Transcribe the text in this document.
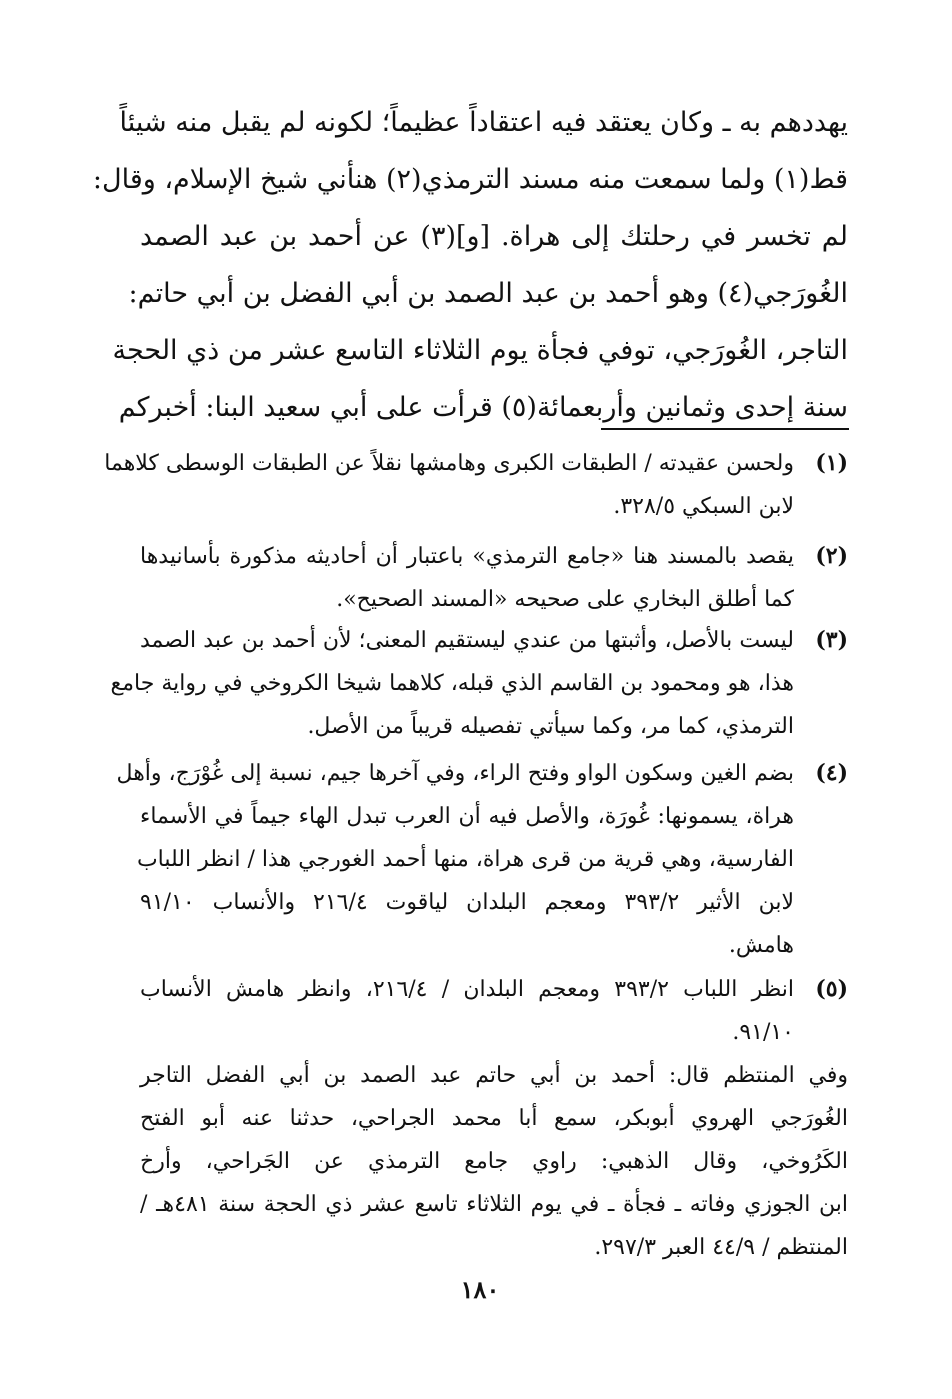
يهددهم به ـ وكان يعتقد فيه اعتقاداً عظيماً؛ لكونه لم يقبل منه شيئاً
قط(١) ولما سمعت منه مسند الترمذي(٢) هنأني شيخ الإسلام، وقال:
لم تخسر في رحلتك إلى هراة. [و](٣) عن أحمد بن عبد الصمد
الغُورَجي(٤) وهو أحمد بن عبد الصمد بن أبي الفضل بن أبي حاتم:
التاجر، الغُورَجي، توفي فجأة يوم الثلاثاء التاسع عشر من ذي الحجة
سنة إحدى وثمانين وأربعمائة(٥) قرأت على أبي سعيد البنا: أخبركم
(١)
ولحسن عقيدته / الطبقات الكبرى وهامشها نقلاً عن الطبقات الوسطى كلاهما
لابن السبكي ٣٢٨/٥.
(٢)
يقصد بالمسند هنا «جامع الترمذي» باعتبار أن أحاديثه مذكورة بأسانيدها
كما أطلق البخاري على صحيحه «المسند الصحيح».
(٣)
ليست بالأصل، وأثبتها من عندي ليستقيم المعنى؛ لأن أحمد بن عبد الصمد
هذا، هو ومحمود بن القاسم الذي قبله، كلاهما شيخا الكروخي في رواية جامع
الترمذي، كما مر، وكما سيأتي تفصيله قريباً من الأصل.
(٤)
بضم الغين وسكون الواو وفتح الراء، وفي آخرها جيم، نسبة إلى غُوْرَج، وأهل
هراة، يسمونها: غُورَة، والأصل فيه أن العرب تبدل الهاء جيماً في الأسماء
الفارسية، وهي قرية من قرى هراة، منها أحمد الغورجي هذا / انظر اللباب
لابن الأثير ٣٩٣/٢ ومعجم البلدان لياقوت ٢١٦/٤ والأنساب ٩١/١٠
هامش.
(٥)
انظر اللباب ٣٩٣/٢ ومعجم البلدان / ٢١٦/٤، وانظر هامش الأنساب
٩١/١٠.
وفي المنتظم قال: أحمد بن أبي حاتم عبد الصمد بن أبي الفضل التاجر
الغُورَجي الهروي أبوبكر، سمع أبا محمد الجراحي، حدثنا عنه أبو الفتح
الكَرُوخي، وقال الذهبي: راوي جامع الترمذي عن الجَراحي، وأرخ
ابن الجوزي وفاته ـ فجأة ـ في يوم الثلاثاء تاسع عشر ذي الحجة سنة ٤٨١هـ /
المنتظم / ٤٤/٩ العبر ٢٩٧/٣.
١٨٠
